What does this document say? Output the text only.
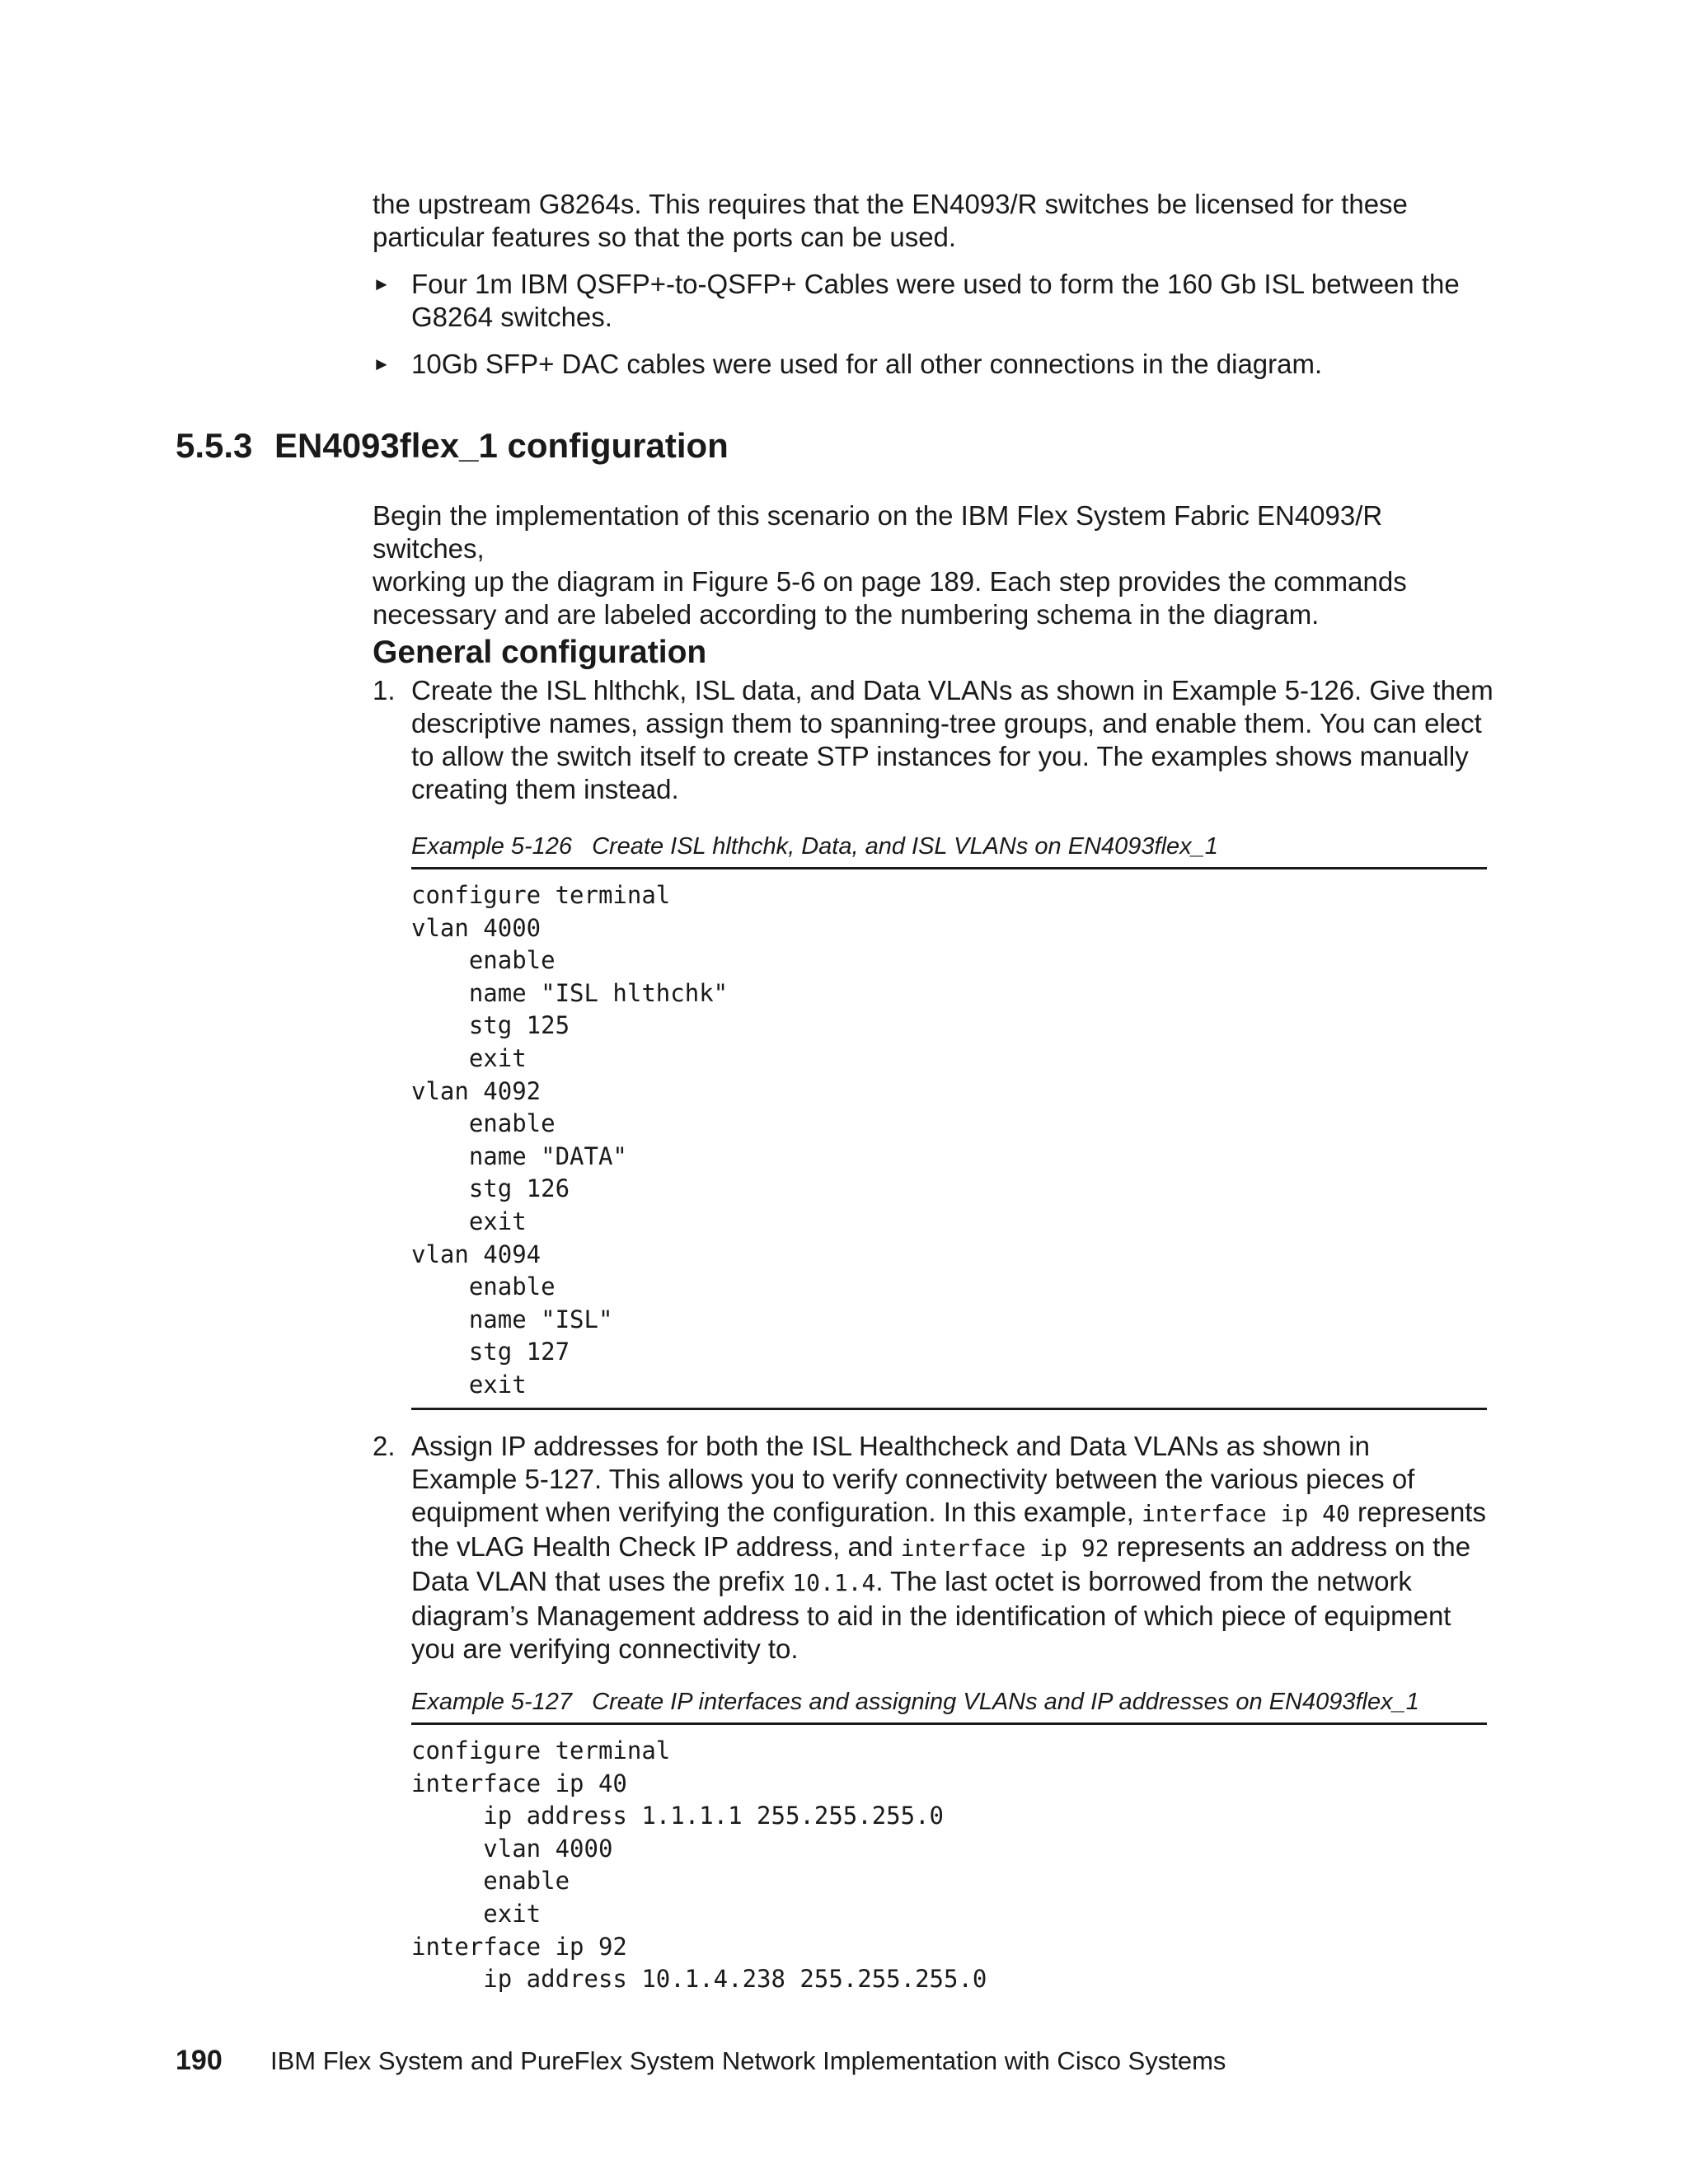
the upstream G8264s. This requires that the EN4093/R switches be licensed for these
particular features so that the ports can be used.
► Four 1m IBM QSFP+-to-QSFP+ Cables were used to form the 160 Gb ISL between the
G8264 switches.
► 10Gb SFP+ DAC cables were used for all other connections in the diagram.
5.5.3 EN4093flex_1 configuration
Begin the implementation of this scenario on the IBM Flex System Fabric EN4093/R switches,
working up the diagram in Figure 5-6 on page 189. Each step provides the commands
necessary and are labeled according to the numbering schema in the diagram.
General configuration
1. Create the ISL hlthchk, ISL data, and Data VLANs as shown in Example 5-126. Give them
descriptive names, assign them to spanning-tree groups, and enable them. You can elect
to allow the switch itself to create STP instances for you. The examples shows manually
creating them instead.
Example 5-126 Create ISL hlthchk, Data, and ISL VLANs on EN4093flex_1
configure terminal
vlan 4000
enable
name "ISL hlthchk"
stg 125
exit
vlan 4092
enable
name "DATA"
stg 126
exit
vlan 4094
enable
name "ISL"
stg 127
exit
2. Assign IP addresses for both the ISL Healthcheck and Data VLANs as shown in
Example 5-127. This allows you to verify connectivity between the various pieces of
equipment when verifying the configuration. In this example, interface ip 40 represents
the vLAG Health Check IP address, and interface ip 92 represents an address on the
Data VLAN that uses the prefix 10.1.4. The last octet is borrowed from the network
diagram’s Management address to aid in the identification of which piece of equipment
you are verifying connectivity to.
Example 5-127 Create IP interfaces and assigning VLANs and IP addresses on EN4093flex_1
configure terminal
interface ip 40
ip address 1.1.1.1 255.255.255.0
vlan 4000
enable
exit
interface ip 92
ip address 10.1.4.238 255.255.255.0
190 IBM Flex System and PureFlex System Network Implementation with Cisco Systems
